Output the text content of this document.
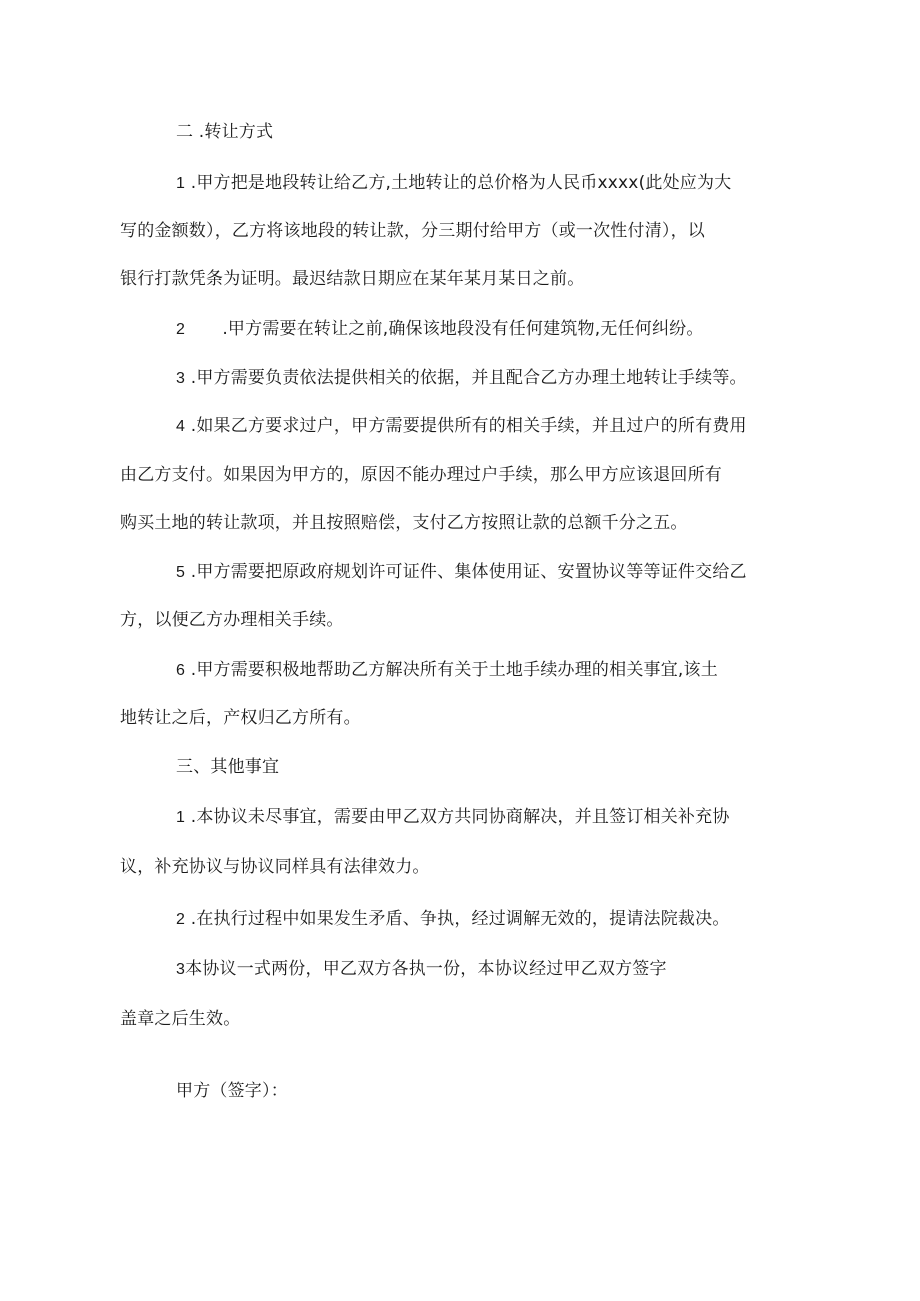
二 .转让方式
1 .甲方把是地段转让给乙方,土地转让的总价格为人民币xxxx(此处应为大
写的金额数），乙方将该地段的转让款，分三期付给甲方（或一次性付清），以
银行打款凭条为证明。最迟结款日期应在某年某月某日之前。
2 .甲方需要在转让之前,确保该地段没有任何建筑物,无任何纠纷。
3 .甲方需要负责依法提供相关的依据，并且配合乙方办理土地转让手续等。
4 .如果乙方要求过户，甲方需要提供所有的相关手续，并且过户的所有费用
由乙方支付。如果因为甲方的，原因不能办理过户手续，那么甲方应该退回所有
购买土地的转让款项，并且按照赔偿，支付乙方按照让款的总额千分之五。
5 .甲方需要把原政府规划许可证件、集体使用证、安置协议等等证件交给乙
方，以便乙方办理相关手续。
6 .甲方需要积极地帮助乙方解决所有关于土地手续办理的相关事宜,该土
地转让之后，产权归乙方所有。
三、其他事宜
1 .本协议未尽事宜，需要由甲乙双方共同协商解决，并且签订相关补充协
议，补充协议与协议同样具有法律效力。
2 .在执行过程中如果发生矛盾、争执，经过调解无效的，提请法院裁决。
3本协议一式两份，甲乙双方各执一份，本协议经过甲乙双方签字
盖章之后生效。
甲方（签字）：
